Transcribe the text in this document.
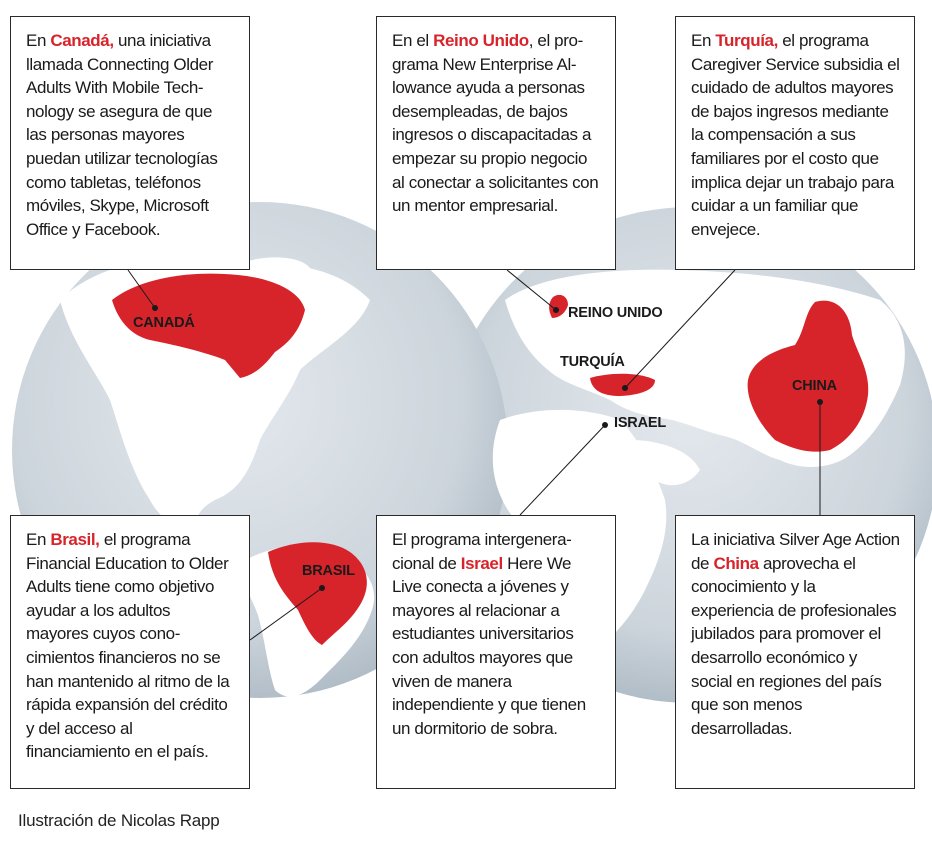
CANADÁ
REINO UNIDO
TURQUÍA
ISRAEL
CHINA
BRASIL
En Canadá, una iniciativa llamada Connecting Older Adults With Mobile Technology se asegura de que las personas mayores puedan utilizar tecnologías como tabletas, teléfonos móviles, Skype, Microsoft Office y Facebook.
En el Reino Unido, el programa New Enterprise Allowance ayuda a personas desempleadas, de bajos ingresos o discapacitadas a empezar su propio negocio al conectar a solicitantes con un mentor empresarial.
En Turquía, el programa Caregiver Service subsidia el cuidado de adultos mayores de bajos ingresos mediante la compensación a sus familiares por el costo que implica dejar un trabajo para cuidar a un familiar que envejece.
En Brasil, el programa Financial Education to Older Adults tiene como objetivo ayudar a los adultos mayores cuyos conocimientos financieros no se han mantenido al ritmo de la rápida expansión del crédito y del acceso al financiamiento en el país.
El programa intergeneracional de Israel Here We Live conecta a jóvenes y mayores al relacionar a estudiantes universitarios con adultos mayores que viven de manera independiente y que tienen un dormitorio de sobra.
La iniciativa Silver Age Action de China aprovecha el conocimiento y la experiencia de profesionales jubilados para promover el desarrollo económico y social en regiones del país que son menos desarrolladas.
Ilustración de Nicolas Rapp
